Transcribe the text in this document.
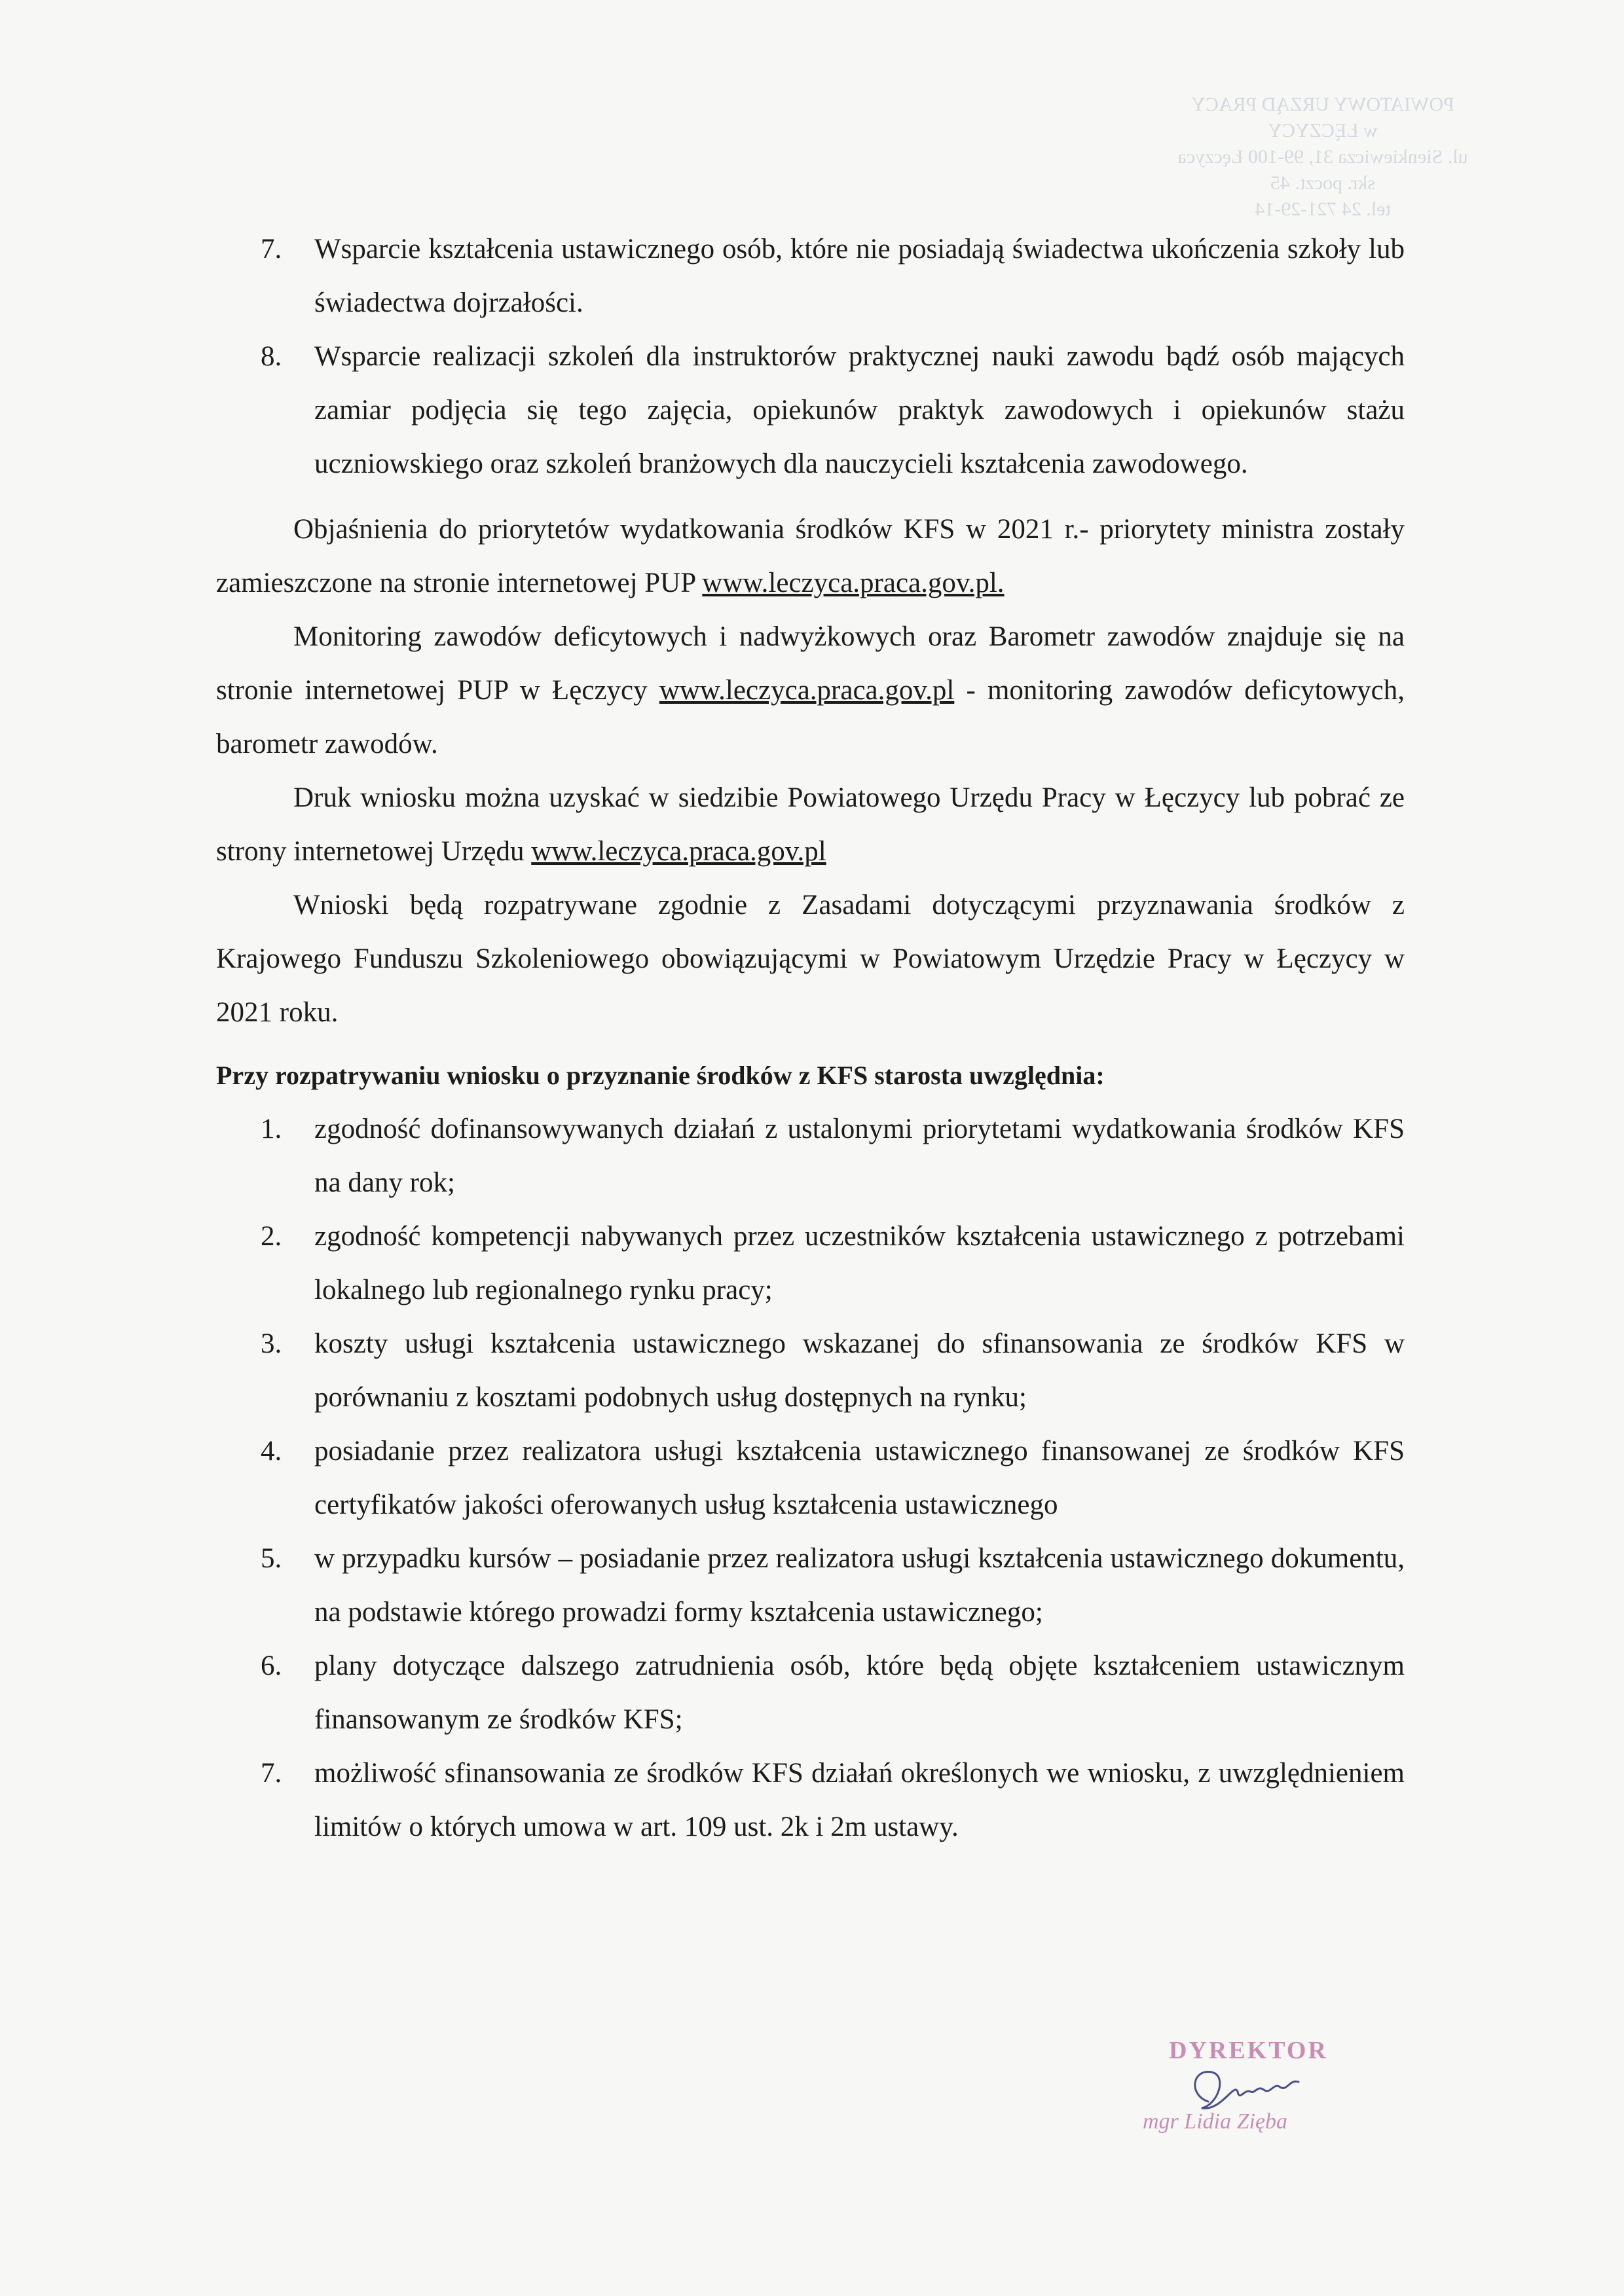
POWIATOWY URZĄD PRACY
w ŁĘCZYCY
ul. Sienkiewicza 31, 99-100 Łęczyca
skr. poczt. 45
tel. 24 721-29-14
7. Wsparcie kształcenia ustawicznego osób, które nie posiadają świadectwa ukończenia szkoły lub świadectwa dojrzałości.
8. Wsparcie realizacji szkoleń dla instruktorów praktycznej nauki zawodu bądź osób mających zamiar podjęcia się tego zajęcia, opiekunów praktyk zawodowych i opiekunów stażu uczniowskiego oraz szkoleń branżowych dla nauczycieli kształcenia zawodowego.

Objaśnienia do priorytetów wydatkowania środków KFS w 2021 r.- priorytety ministra zostały zamieszczone na stronie internetowej PUP www.leczyca.praca.gov.pl.

Monitoring zawodów deficytowych i nadwyżkowych oraz Barometr zawodów znajduje się na stronie internetowej PUP w Łęczycy www.leczyca.praca.gov.pl - monitoring zawodów deficytowych, barometr zawodów.

Druk wniosku można uzyskać w siedzibie Powiatowego Urzędu Pracy w Łęczycy lub pobrać ze strony internetowej Urzędu www.leczyca.praca.gov.pl

Wnioski będą rozpatrywane zgodnie z Zasadami dotyczącymi przyznawania środków z Krajowego Funduszu Szkoleniowego obowiązującymi w Powiatowym Urzędzie Pracy w Łęczycy w 2021 roku.

Przy rozpatrywaniu wniosku o przyznanie środków z KFS starosta uwzględnia:

1. zgodność dofinansowywanych działań z ustalonymi priorytetami wydatkowania środków KFS na dany rok;
2. zgodność kompetencji nabywanych przez uczestników kształcenia ustawicznego z potrzebami lokalnego lub regionalnego rynku pracy;
3. koszty usługi kształcenia ustawicznego wskazanej do sfinansowania ze środków KFS w porównaniu z kosztami podobnych usług dostępnych na rynku;
4. posiadanie przez realizatora usługi kształcenia ustawicznego finansowanej ze środków KFS certyfikatów jakości oferowanych usług kształcenia ustawicznego
5. w przypadku kursów – posiadanie przez realizatora usługi kształcenia ustawicznego dokumentu, na podstawie którego prowadzi formy kształcenia ustawicznego;
6. plany dotyczące dalszego zatrudnienia osób, które będą objęte kształceniem ustawicznym finansowanym ze środków KFS;
7. możliwość sfinansowania ze środków KFS działań określonych we wniosku, z uwzględnieniem limitów o których umowa w art. 109 ust. 2k i 2m ustawy.
DYREKTOR
mgr Lidia Zięba
